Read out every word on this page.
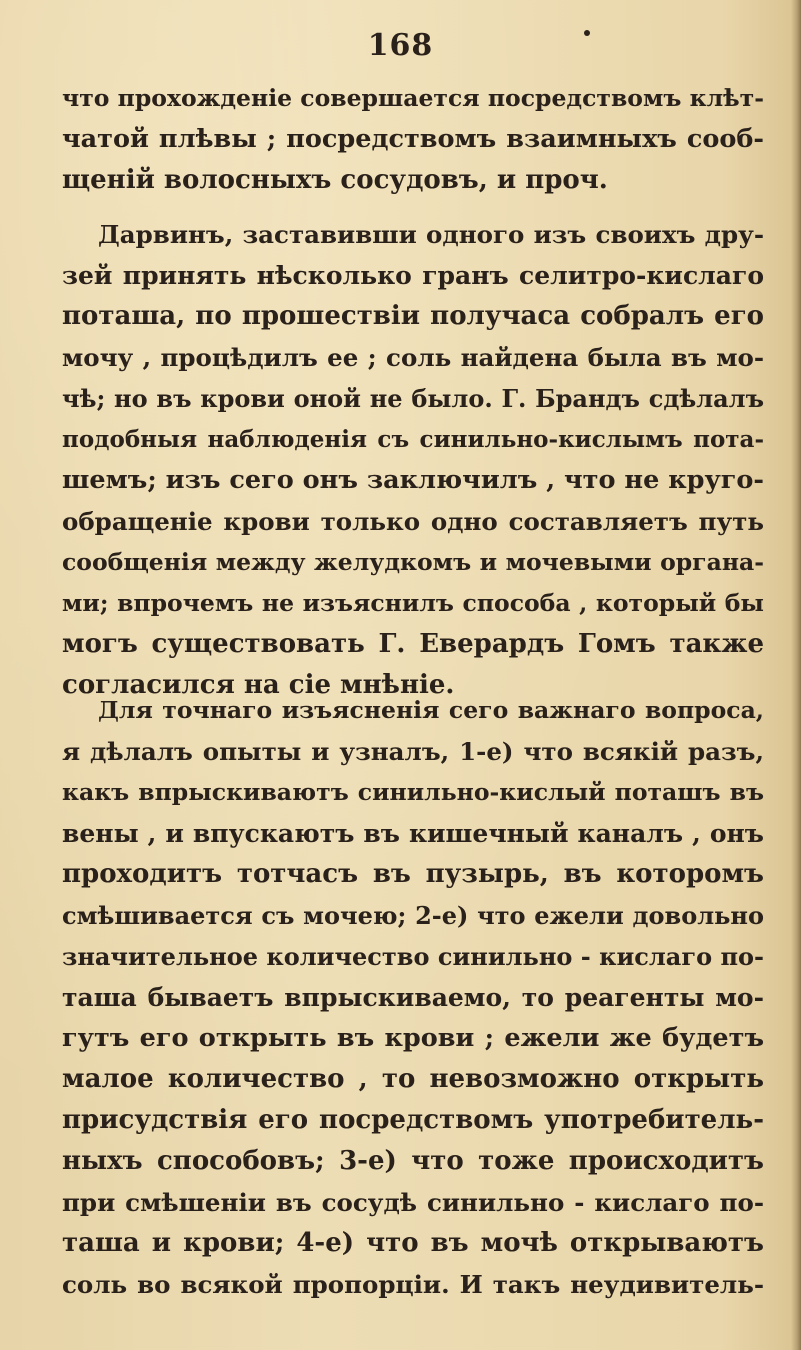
168
что прохожденіе совершается посредствомъ клѣт-
чатой плѣвы ; посредствомъ взаимныхъ сооб-
щеній волосныхъ сосудовъ, и проч.
Дарвинъ, заставивши одного изъ своихъ дру-
зей принять нѣсколько гранъ селитро-кислаго
поташа, по прошествіи получаса собралъ его
мочу , процѣдилъ ее ; соль найдена была въ мо-
чѣ; но въ крови оной не было. Г. Брандъ сдѣлалъ
подобныя наблюденія съ синильно-кислымъ пота-
шемъ; изъ сего онъ заключилъ , что не круго-
обращеніе крови только одно составляетъ путь
сообщенія между желудкомъ и мочевыми органа-
ми; впрочемъ не изъяснилъ способа , который бы
могъ существовать Г. Еверардъ Гомъ также
согласился на сіе мнѣніе.
Для точнаго изъясненія сего важнаго вопроса,
я дѣлалъ опыты и узналъ, 1-е) что всякій разъ,
какъ впрыскиваютъ синильно-кислый поташъ въ
вены , и впускаютъ въ кишечный каналъ , онъ
проходитъ тотчасъ въ пузырь, въ которомъ
смѣшивается съ мочею; 2-е) что ежели довольно
значительное количество синильно - кислаго по-
таша бываетъ впрыскиваемо, то реагенты мо-
гутъ его открыть въ крови ; ежели же будетъ
малое количество , то невозможно открыть
присудствія его посредствомъ употребитель-
ныхъ способовъ; 3-е) что тоже происходитъ
при смѣшеніи въ сосудѣ синильно - кислаго по-
таша и крови; 4-е) что въ мочѣ открываютъ
соль во всякой пропорціи. И такъ неудивитель-
